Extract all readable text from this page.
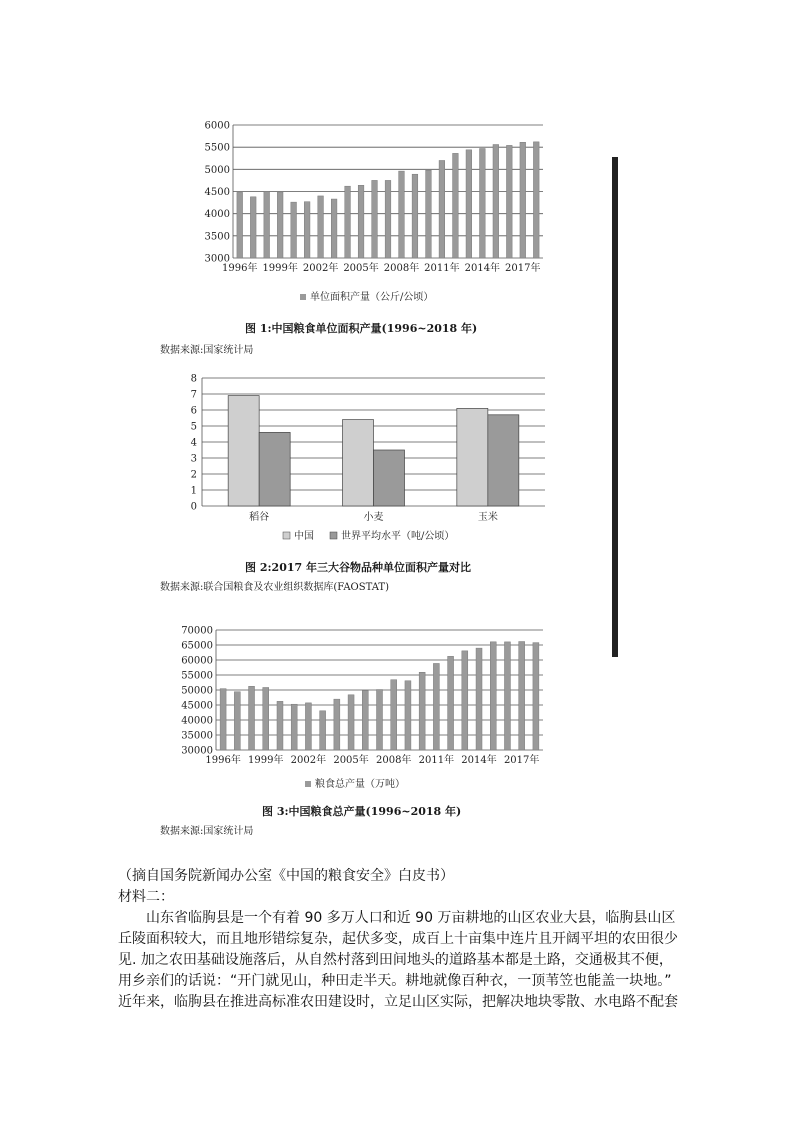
3000
3500
4000
4500
5000
5500
6000
1996年 1999年 2002年 2005年 2008年 2011年 2014年 2017年
单位面积产量（公斤/公顷）
图 1:中国粮食单位面积产量(1996~2018 年)
数据来源:国家统计局
0
1
2
3
4
5
6
7
8
稻谷	小麦	玉米
中国	世界平均水平（吨/公顷）
图 2:2017 年三大谷物品种单位面积产量对比
数据来源:联合国粮食及农业组织数据库(FAOSTAT)
30000
35000
40000
45000
50000
55000
60000
65000
70000
1996年 1999年 2002年 2005年 2008年 2011年 2014年 2017年
粮食总产量（万吨）
图 3:中国粮食总产量(1996~2018 年)
数据来源:国家统计局

（摘自国务院新闻办公室《中国的粮食安全》白皮书）

材料二：

山东省临朐县是一个有着 90 多万人口和近 90 万亩耕地的山区农业大县，临朐县山区丘陵面积较大，而且地形错综复杂，起伏多变，成百上十亩集中连片且开阔平坦的农田很少见. 加之农田基础设施落后，从自然村落到田间地头的道路基本都是土路，交通极其不便，用乡亲们的话说：“开门就见山，种田走半天。耕地就像百种衣，一顶苇笠也能盖一块地。”

近年来，临朐县在推进高标准农田建设时，立足山区实际，把解决地块零散、水电路不配套
